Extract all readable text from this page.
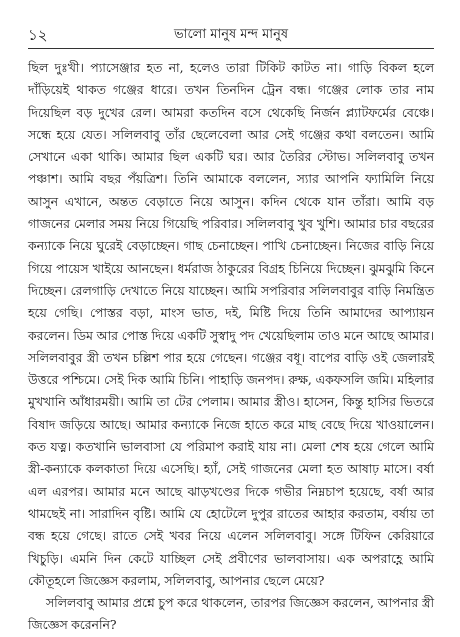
১২	ভালো মানুষ মন্দ মানুষ

ছিল দুঃখী। প্যাসেঞ্জার হত না, হলেও তারা টিকিট কাটত না। গাড়ি বিকল হলে দাঁড়িয়েই থাকত গঞ্জের ধারে। তখন তিনদিন ট্রেন বন্ধ। গঞ্জের লোক তার নাম দিয়েছিল বড় দুখের রেল। আমরা কতদিন বসে থেকেছি নির্জন প্ল্যাটফর্মের বেঞ্চে। সন্ধে হয়ে যেত। সলিলবাবু তাঁর ছেলেবেলা আর সেই গঞ্জের কথা বলতেন। আমি সেখানে একা থাকি। আমার ছিল একটি ঘর। আর তৈরির স্টোভ। সলিলবাবু তখন পঞ্চাশ। আমি বছর পঁয়ত্রিশ। তিনি আমাকে বললেন, স্যার আপনি ফ্যামিলি নিয়ে আসুন এখানে, অন্তত বেড়াতে নিয়ে আসুন। কদিন থেকে যান তাঁরা। আমি বড় গাজনের মেলার সময় নিয়ে গিয়েছি পরিবার। সলিলবাবু খুব খুশি। আমার চার বছরের কন্যাকে নিয়ে ঘুরেই বেড়াচ্ছেন। গাছ চেনাচ্ছেন। পাখি চেনাচ্ছেন। নিজের বাড়ি নিয়ে গিয়ে পায়েস খাইয়ে আনছেন। ধর্মরাজ ঠাকুরের বিগ্রহ চিনিয়ে দিচ্ছেন। ঝুমঝুমি কিনে দিচ্ছেন। রেলগাড়ি দেখাতে নিয়ে যাচ্ছেন। আমি সপরিবার সলিলবাবুর বাড়ি নিমন্ত্রিত হয়ে গেছি। পোস্তর বড়া, মাংস ভাত, দই, মিষ্টি দিয়ে তিনি আমাদের আপ্যায়ন করলেন। ডিম আর পোস্ত দিয়ে একটি সুস্বাদু পদ খেয়েছিলাম তাও মনে আছে আমার। সলিলবাবুর স্ত্রী তখন চল্লিশ পার হয়ে গেছেন। গঞ্জের বধূ। বাপের বাড়ি ওই জেলারই উত্তরে পশ্চিমে। সেই দিক আমি চিনি। পাহাড়ি জনপদ। রুক্ষ, একফসলি জমি। মহিলার মুখখানি আঁধারময়ী। আমি তা টের পেলাম। আমার স্ত্রীও। হাসেন, কিন্তু হাসির ভিতরে বিষাদ জড়িয়ে আছে। আমার কন্যাকে নিজে হাতে করে মাছ বেছে দিয়ে খাওয়ালেন। কত যত্ন। কতখানি ভালবাসা যে পরিমাপ করাই যায় না। মেলা শেষ হয়ে গেলে আমি স্ত্রী-কন্যাকে কলকাতা দিয়ে এসেছি। হ্যাঁ, সেই গাজনের মেলা হত আষাঢ় মাসে। বর্ষা এল এরপর। আমার মনে আছে ঝাড়খণ্ডের দিকে গভীর নিম্নচাপ হয়েছে, বর্ষা আর থামছেই না। সারাদিন বৃষ্টি। আমি যে হোটেলে দুপুর রাতের আহার করতাম, বর্ষায় তা বন্ধ হয়ে গেছে। রাতে সেই খবর নিয়ে এলেন সলিলবাবু। সঙ্গে টিফিন কেরিয়ারে খিচুড়ি। এমনি দিন কেটে যাচ্ছিল সেই প্রবীণের ভালবাসায়। এক অপরাহ্ণে আমি কৌতূহলে জিজ্ঞেস করলাম, সলিলবাবু, আপনার ছেলে মেয়ে?

সলিলবাবু আমার প্রশ্নে চুপ করে থাকলেন, তারপর জিজ্ঞেস করলেন, আপনার স্ত্রী জিজ্ঞেস করেননি?
